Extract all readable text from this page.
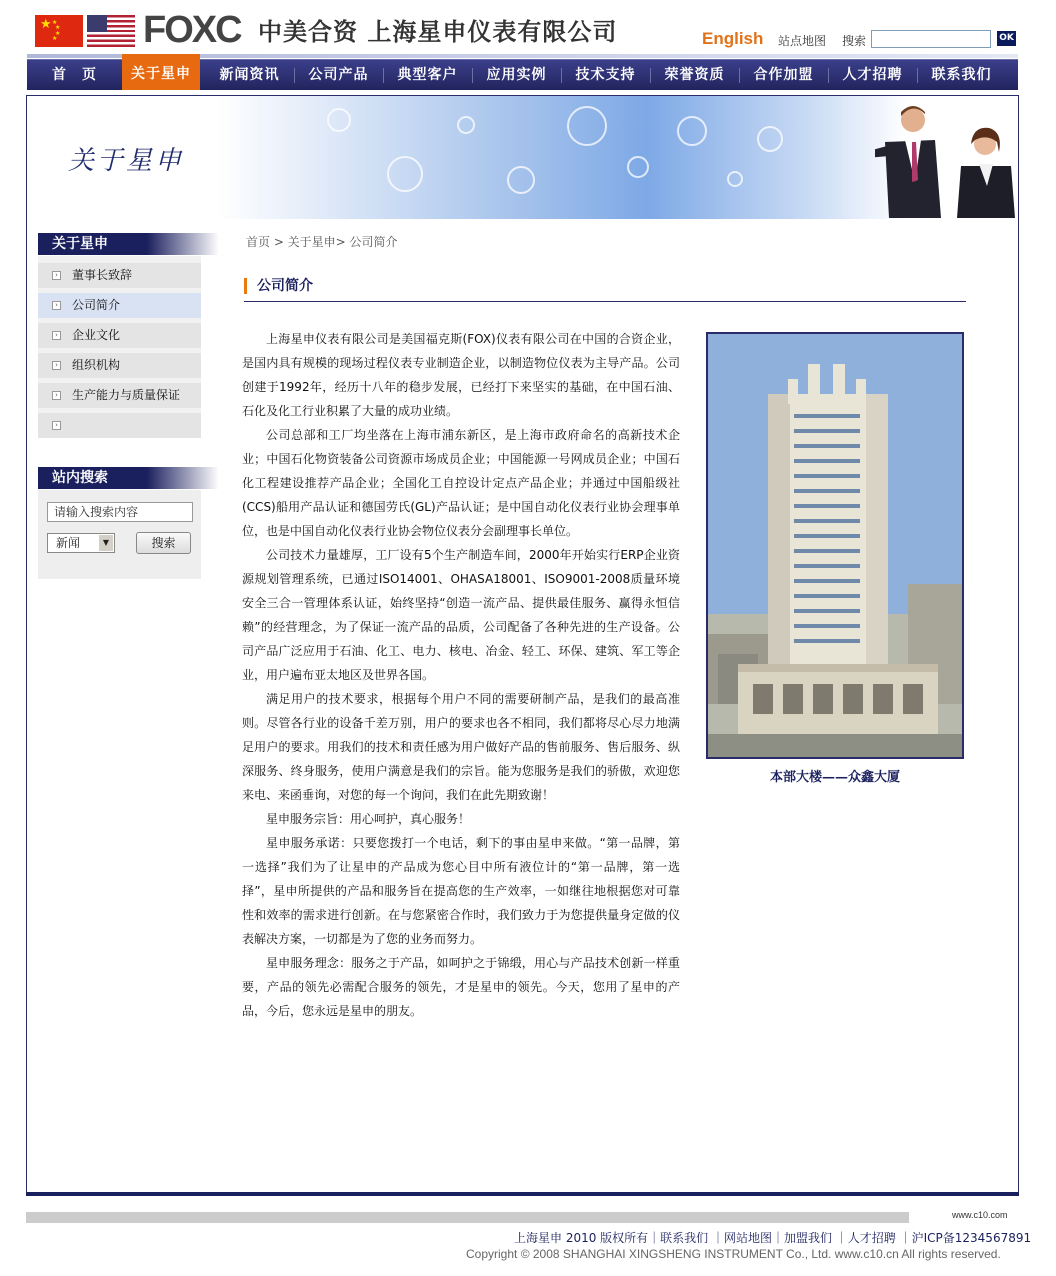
★ ★
★
★
★ FOXC 中美合资 上海星申仪表有限公司	English 站点地图 搜索	OK
首　页	关于星申	新闻资讯	公司产品	典型客户	应用实例	技术支持	荣誉资质	合作加盟	人才招聘	联系我们
关于星申
关于星申
› 董事长致辞
› 公司简介
› 企业文化
› 组织机构
› 生产能力与质量保证
›
站内搜索
请输入搜索内容
新闻	▼	搜索
首页 > 关于星申> 公司简介
公司简介

上海星申仪表有限公司是美国福克斯(FOX)仪表有限公司在中国的合资企业，是国内具有规模的现场过程仪表专业制造企业，以制造物位仪表为主导产品。公司创建于1992年，经历十八年的稳步发展，已经打下来坚实的基础，在中国石油、石化及化工行业积累了大量的成功业绩。

公司总部和工厂均坐落在上海市浦东新区，是上海市政府命名的高新技术企业；中国石化物资装备公司资源市场成员企业；中国能源一号网成员企业；中国石化工程建设推荐产品企业；全国化工自控设计定点产品企业；并通过中国船级社(CCS)船用产品认证和德国劳氏(GL)产品认证；是中国自动化仪表行业协会理事单位，也是中国自动化仪表行业协会物位仪表分会副理事长单位。

公司技术力量雄厚，工厂设有5个生产制造车间，2000年开始实行ERP企业资源规划管理系统，已通过ISO14001、OHASA18001、ISO9001-2008质量环境安全三合一管理体系认证，始终坚持“创造一流产品、提供最佳服务、赢得永恒信赖”的经营理念，为了保证一流产品的品质，公司配备了各种先进的生产设备。公司产品广泛应用于石油、化工、电力、核电、冶金、轻工、环保、建筑、军工等企业，用户遍布亚太地区及世界各国。

满足用户的技术要求，根据每个用户不同的需要研制产品，是我们的最高准则。尽管各行业的设备千差万别，用户的要求也各不相同，我们都将尽心尽力地满足用户的要求。用我们的技术和责任感为用户做好产品的售前服务、售后服务、纵深服务、终身服务，使用户满意是我们的宗旨。能为您服务是我们的骄傲，欢迎您来电、来函垂询，对您的每一个询问，我们在此先期致谢！

星申服务宗旨：用心呵护，真心服务！

星申服务承诺：只要您拨打一个电话，剩下的事由星申来做。“第一品牌，第一选择”我们为了让星申的产品成为您心目中所有液位计的“第一品牌，第一选择”，星申所提供的产品和服务旨在提高您的生产效率，一如继往地根据您对可靠性和效率的需求进行创新。在与您紧密合作时，我们致力于为您提供量身定做的仪表解决方案，一切都是为了您的业务而努力。

星申服务理念：服务之于产品，如呵护之于锦缎，用心与产品技术创新一样重要，产品的领先必需配合服务的领先，才是星申的领先。今天，您用了星申的产品，今后，您永远是星申的朋友。

本部大楼——众鑫大厦
www.c10.com
上海星申 2010 版权所有｜联系我们 ｜网站地图｜加盟我们 ｜人才招聘 ｜沪ICP备1234567891
Copyright © 2008 SHANGHAI XINGSHENG INSTRUMENT Co., Ltd. www.c10.cn All rights reserved.
